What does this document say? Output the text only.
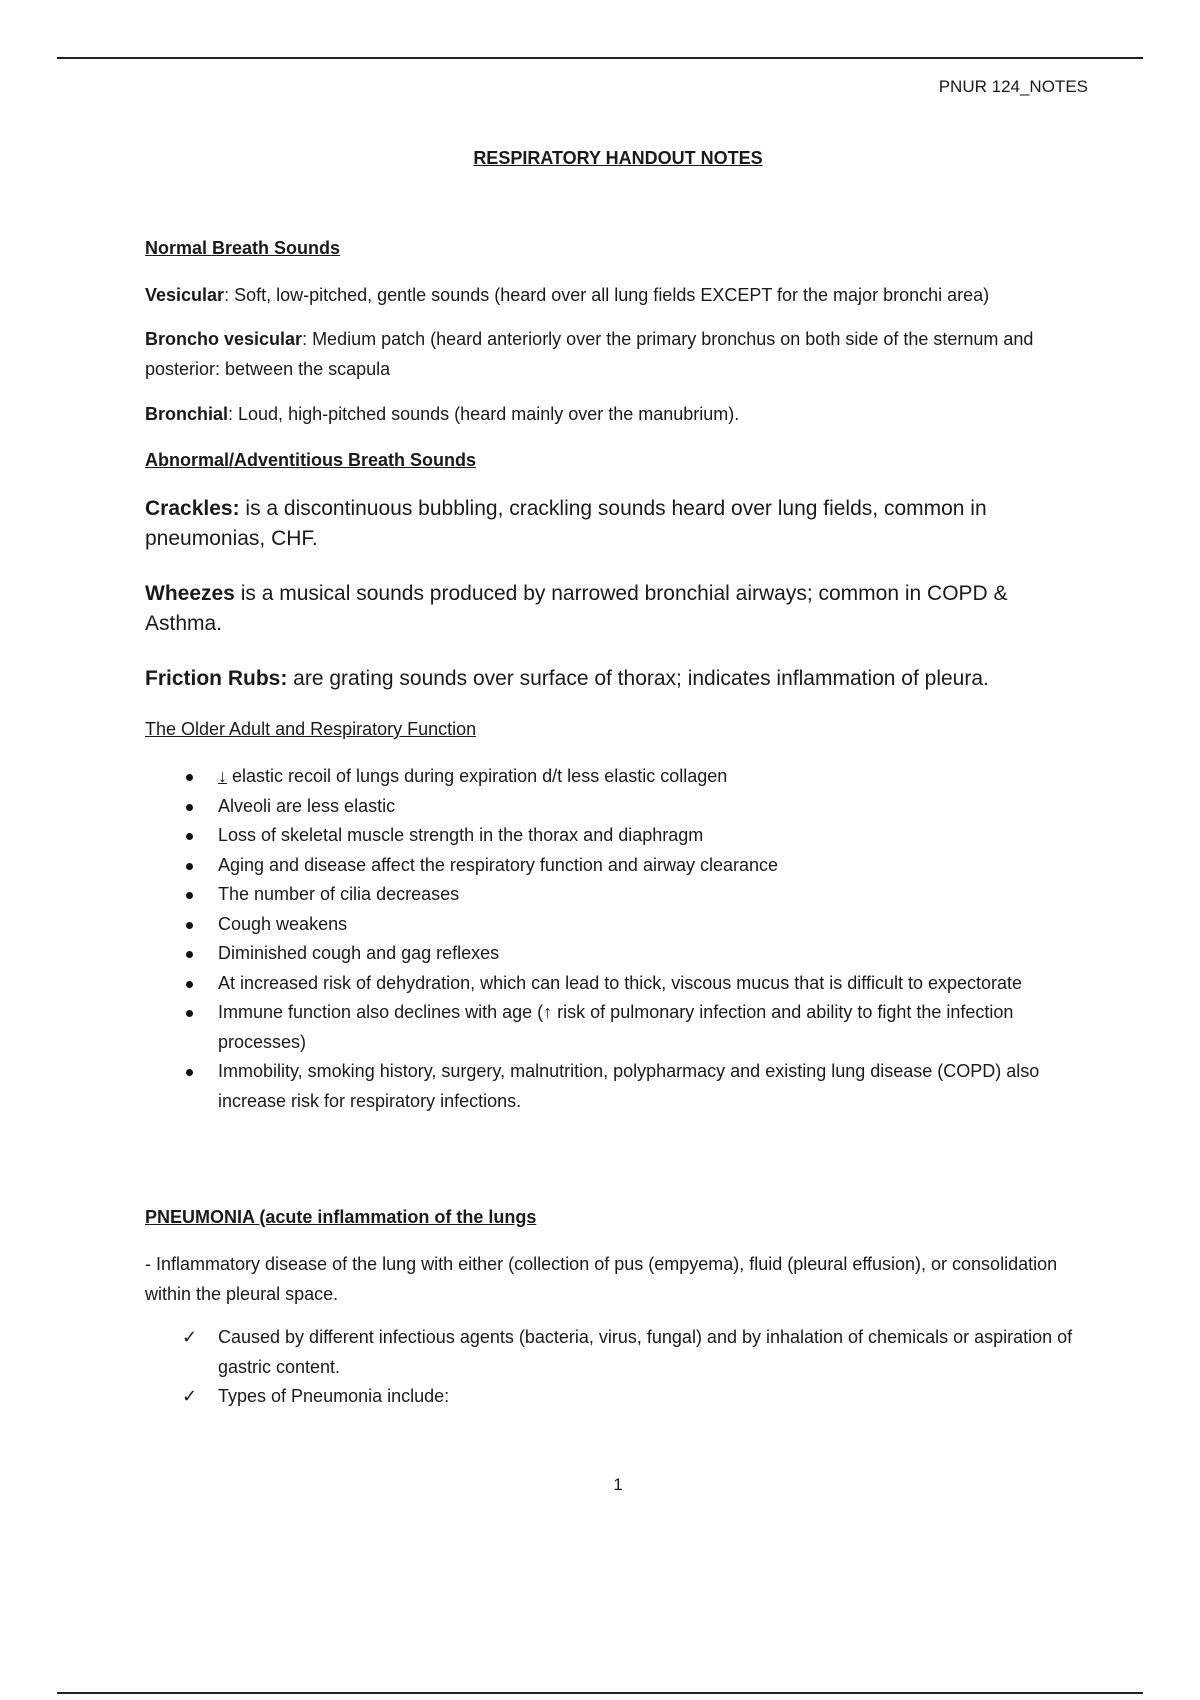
PNUR 124_NOTES
RESPIRATORY HANDOUT NOTES
Normal Breath Sounds
Vesicular: Soft, low-pitched, gentle sounds (heard over all lung fields EXCEPT for the major bronchi area)
Broncho vesicular: Medium patch (heard anteriorly over the primary bronchus on both side of the sternum and posterior: between the scapula
Bronchial: Loud, high-pitched sounds (heard mainly over the manubrium).
Abnormal/Adventitious Breath Sounds
Crackles: is a discontinuous bubbling, crackling sounds heard over lung fields, common in pneumonias, CHF.
Wheezes is a musical sounds produced by narrowed bronchial airways; common in COPD & Asthma.
Friction Rubs: are grating sounds over surface of thorax; indicates inflammation of pleura.
The Older Adult and Respiratory Function
↓ elastic recoil of lungs during expiration d/t less elastic collagen
Alveoli are less elastic
Loss of skeletal muscle strength in the thorax and diaphragm
Aging and disease affect the respiratory function and airway clearance
The number of cilia decreases
Cough weakens
Diminished cough and gag reflexes
At increased risk of dehydration, which can lead to thick, viscous mucus that is difficult to expectorate
Immune function also declines with age (↑ risk of pulmonary infection and ability to fight the infection processes)
Immobility, smoking history, surgery, malnutrition, polypharmacy and existing lung disease (COPD) also increase risk for respiratory infections.
PNEUMONIA (acute inflammation of the lungs
- Inflammatory disease of the lung with either (collection of pus (empyema), fluid (pleural effusion), or consolidation within the pleural space.
✓ Caused by different infectious agents (bacteria, virus, fungal) and by inhalation of chemicals or aspiration of gastric content.
✓ Types of Pneumonia include:
1
